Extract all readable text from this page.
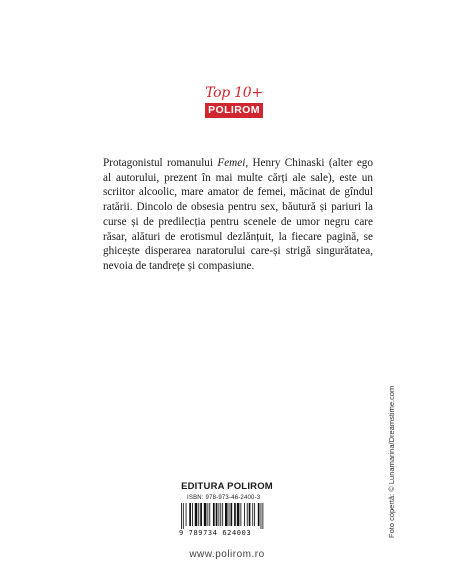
Top 10+
POLIROM
Protagonistul romanului Femei, Henry Chinaski (alter ego al autorului, prezent în mai multe cărți ale sale), este un scriitor alcoolic, mare amator de femei, măcinat de gîndul ratării. Dincolo de obsesia pentru sex, băutură și pariuri la curse și de predilecția pentru scenele de umor negru care răsar, alături de erotismul dezlănțuit, la fiecare pagină, se ghicește disperarea naratorului care-și strigă singurătatea, nevoia de tandrețe și compasiune.
Foto copertă: © Lunamarina/Dreamstime.com
EDITURA POLIROM
ISBN: 978-973-46-2400-3
9 789734 624003
www.polirom.ro
